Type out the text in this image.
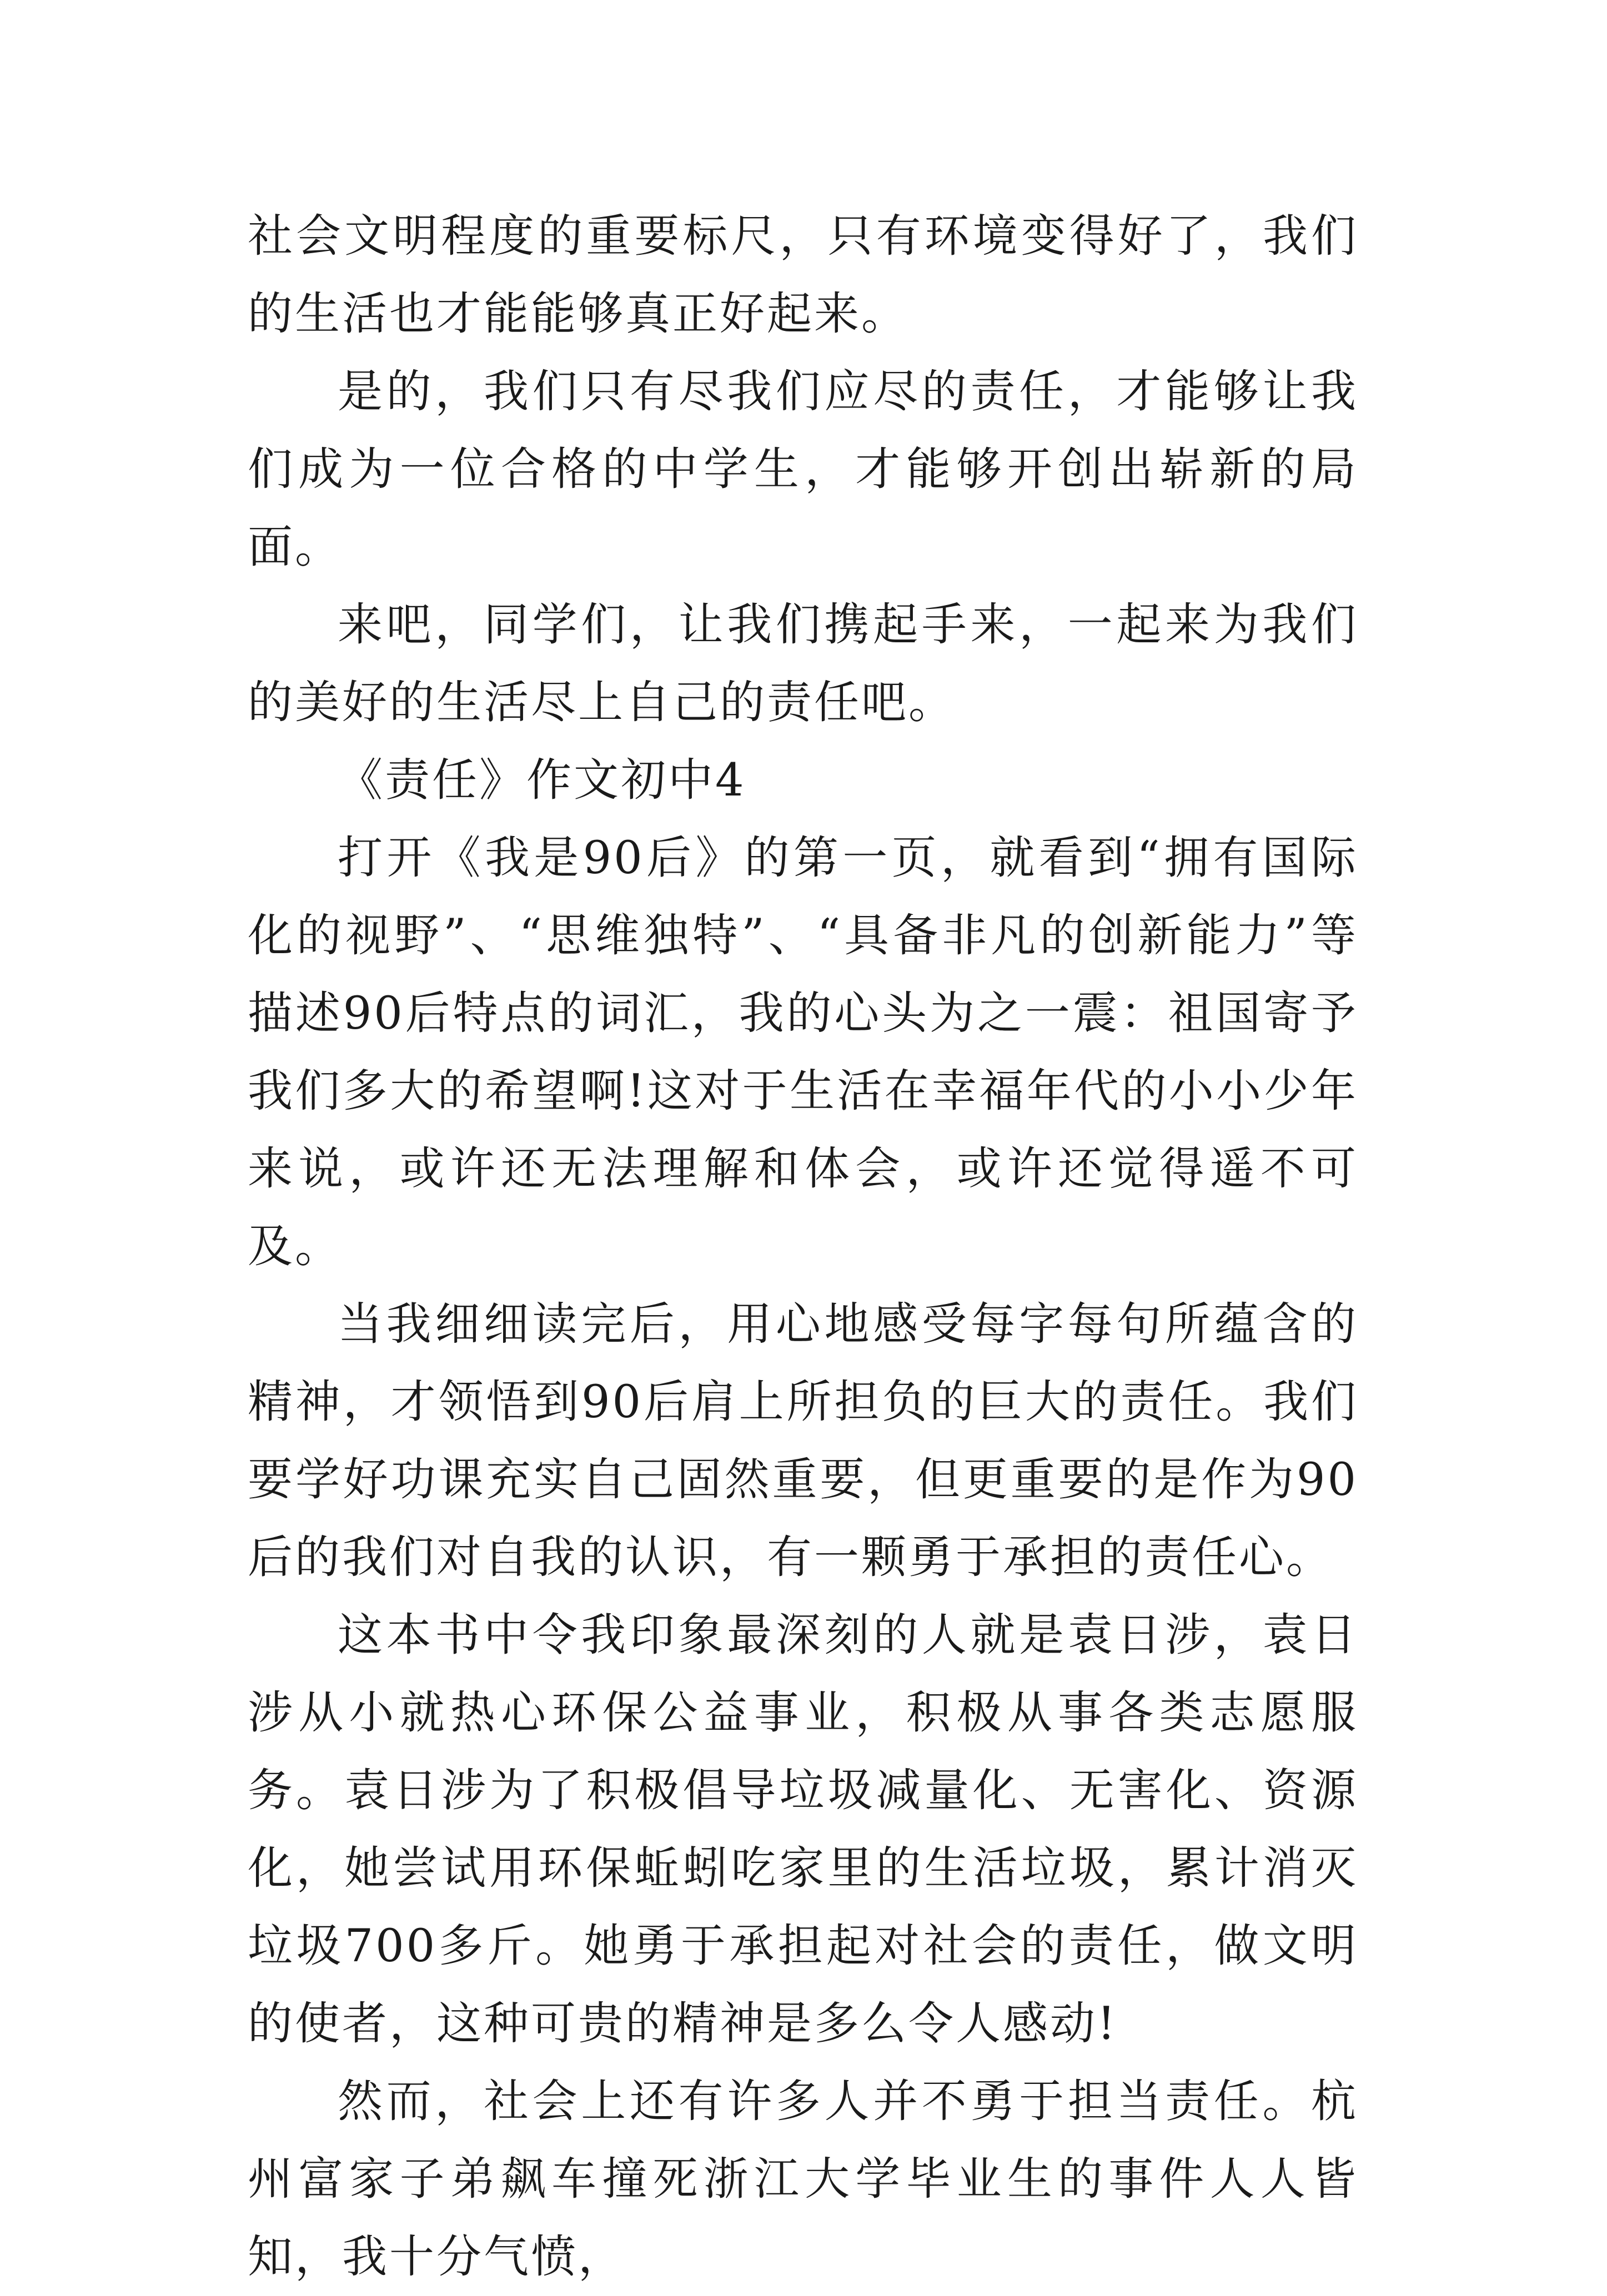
社会文明程度的重要标尺，只有环境变得好了，我们的生活也才能能够真正好起来。

是的，我们只有尽我们应尽的责任，才能够让我们成为一位合格的中学生，才能够开创出崭新的局面。

来吧，同学们，让我们携起手来，一起来为我们的美好的生活尽上自己的责任吧。

《责任》作文初中4

打开《我是90后》的第一页，就看到“拥有国际化的视野”、“思维独特”、“具备非凡的创新能力”等描述90后特点的词汇，我的心头为之一震：祖国寄予我们多大的希望啊!这对于生活在幸福年代的小小少年来说，或许还无法理解和体会，或许还觉得遥不可及。

当我细细读完后，用心地感受每字每句所蕴含的精神，才领悟到90后肩上所担负的巨大的责任。我们要学好功课充实自己固然重要，但更重要的是作为90后的我们对自我的认识，有一颗勇于承担的责任心。

这本书中令我印象最深刻的人就是袁日涉，袁日涉从小就热心环保公益事业，积极从事各类志愿服务。袁日涉为了积极倡导垃圾减量化、无害化、资源化，她尝试用环保蚯蚓吃家里的生活垃圾，累计消灭垃圾700多斤。她勇于承担起对社会的责任，做文明的使者，这种可贵的精神是多么令人感动!

然而，社会上还有许多人并不勇于担当责任。杭州富家子弟飙车撞死浙江大学毕业生的事件人人皆知，我十分气愤，
